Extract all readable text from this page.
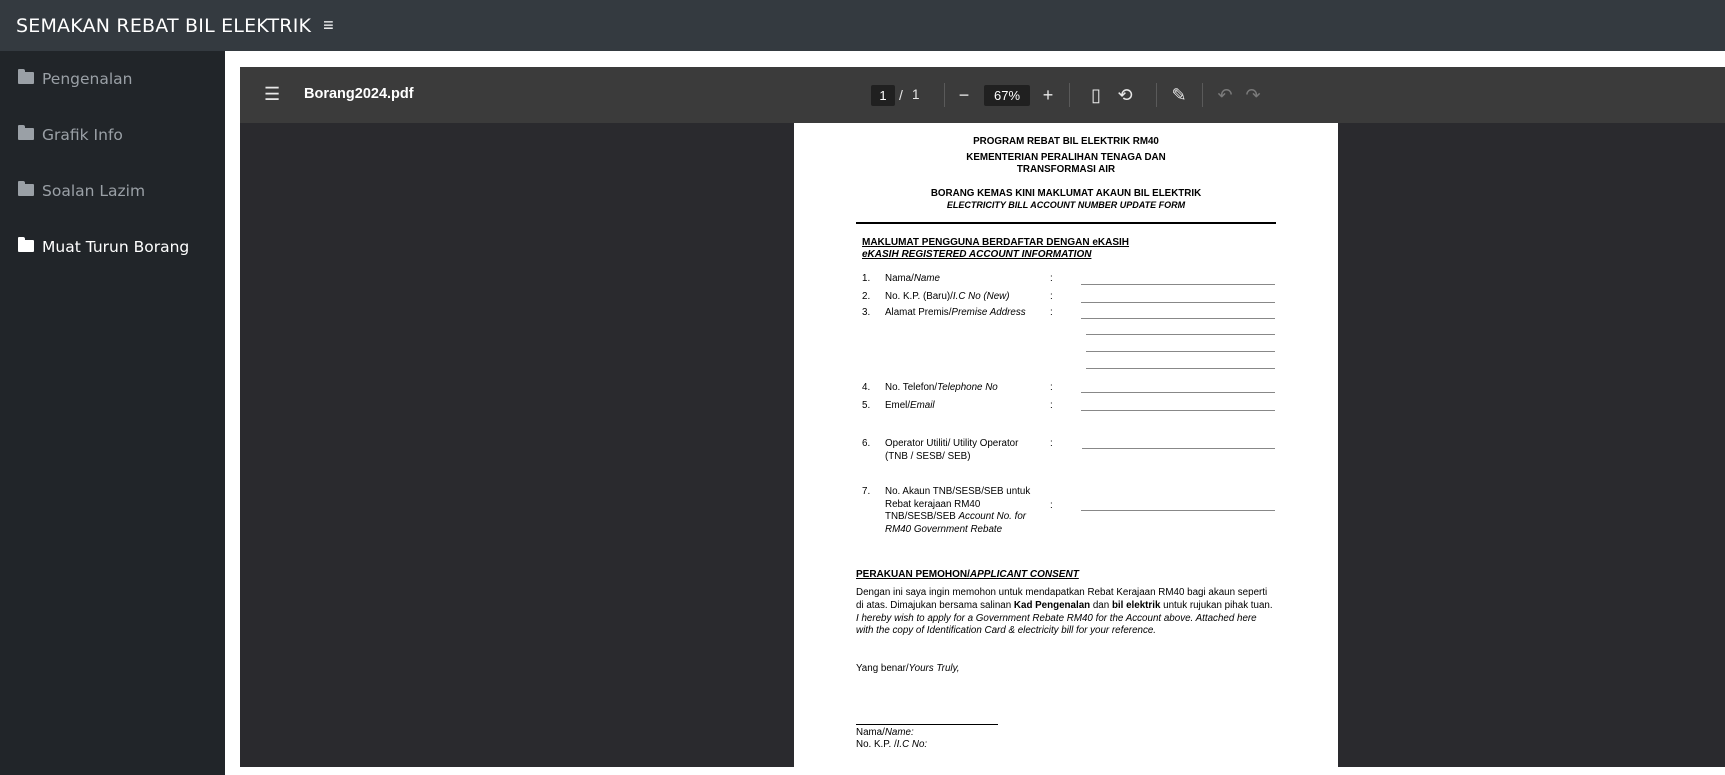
SEMAKAN REBAT BIL ELEKTRIK ≡
Pengenalan
Grafik Info
Soalan Lazim
Muat Turun Borang
☰ Borang2024.pdf	1 / 1	−	67%	+	▯ ⟲	✎	↶ ↷
PROGRAM REBAT BIL ELEKTRIK RM40
KEMENTERIAN PERALIHAN TENAGA DAN
TRANSFORMASI AIR
BORANG KEMAS KINI MAKLUMAT AKAUN BIL ELEKTRIK
ELECTRICITY BILL ACCOUNT NUMBER UPDATE FORM
MAKLUMAT PENGGUNA BERDAFTAR DENGAN eKASIH
eKASIH REGISTERED ACCOUNT INFORMATION
1. Nama/Name	:
2. No. K.P. (Baru)/I.C No (New)	:
3. Alamat Premis/Premise Address :
4. No. Telefon/Telephone No	:
5. Emel/Email	:
6. Operator Utiliti/ Utility Operator
(TNB / SESB/ SEB)
:
7. No. Akaun TNB/SESB/SEB untuk
Rebat kerajaan RM40
TNB/SESB/SEB Account No. for
RM40 Government Rebate
:
PERAKUAN PEMOHON/APPLICANT CONSENT
Dengan ini saya ingin memohon untuk mendapatkan Rebat Kerajaan RM40 bagi akaun seperti
di atas. Dimajukan bersama salinan Kad Pengenalan dan bil elektrik untuk rujukan pihak tuan.
I hereby wish to apply for a Government Rebate RM40 for the Account above. Attached here
with the copy of Identification Card & electricity bill for your reference.
Yang benar/Yours Truly,
Nama/Name:
No. K.P. /I.C No:
